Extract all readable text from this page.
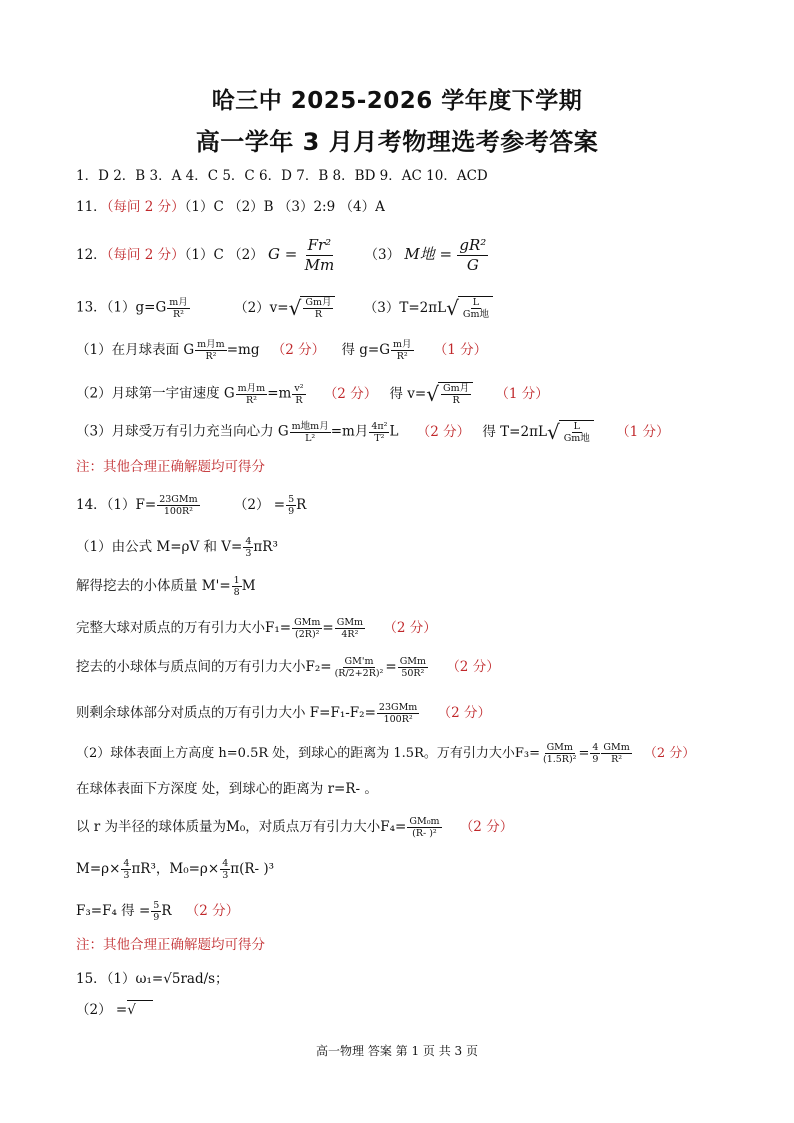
哈三中 2025-2026 学年度下学期
高一学年 3 月月考物理选考参考答案
1．D 2．B 3．A 4．C 5．C 6．D 7．B 8．BD 9．AC 10．ACD
11．（每问 2 分）（1）C （2）B （3）2:9 （4）A
12．（每问 2 分）（1）C （2） $G = \frac{\text{Fr²}}{Mm} (3)$ M地 = $\frac{\text{gR²}}{G}$
13．$(1)g=G \frac{\text{m月}}{\text{R²}}$	（2）v= √ $\frac{\text{Gm月}}{R} (3)T=2\pi L$ √ $\frac{L}{\text{Gm地}}$
（1）在月球表面 G $\frac{\text{m月m}}{\text{R²}} =mg$ （2 分） 得 $g=G \frac{\text{m月}}{\text{R²}} (1$ 分）
（2）月球第一宇宙速度 G $\frac{\text{m月m}}{\text{R²}} =m \frac{\text{v²}}{R} (2$ 分） 得 v= √ $\frac{\text{Gm月}}{R} (1$ 分）
（3）月球受万有引力充当向心力 G $\frac{\text{m地m月}}{\text{L²}} =m$月 $\frac{\text{4π²}}{\text{T²}}$ L （2 分） 得 T=2πL √ $\frac{L}{\text{Gm地}} (1$ 分）
注：其他合理正确解题均可得分
14．$(1)F= \frac{\text{23GMm}}{\text{100R²}}$	$(2) = \frac{5}{9}$ R
（1）由公式 M=ρV 和 $V= \frac{4}{3} \pi R^3$
解得挖去的小体质量 $M'= \frac{1}{8}$ M
完整大球对质点的万有引力大小$F_1= \frac{\text{GMm}}{\text{(2R)²}} = \frac{\text{GMm}}{\text{4R²}} (2$ 分）
挖去的小球体与质点间的万有引力大小$F_2= \frac{GM'm}{\text{(R/2+2R)²}} = \frac{\text{GMm}}{\text{50R²}} (2$ 分）
则剩余球体部分对质点的万有引力大小 $F=F_1-F_2= \frac{\text{23GMm}}{\text{100R²}} (2$ 分）
（2）球体表面上方高度 h=0.5R 处，到球心的距离为 1.5R。万有引力大小$F_3= \frac{\text{GMm}}{\text{(1.5R)²}} = \frac{4}{9} \frac{\text{GMm}}{\text{R²}} (2$ 分）
在球体表面下方深度 处，到球心的距离为 r=R- 。
以 r 为半径的球体质量为M₀，对质点万有引力大小$F_4= \frac{\text{GM₀m}}{\text{(R- )²}} (2$ 分）
$M=\rho\times \frac{4}{3} \pi R^3$，$M_0=\rho\times \frac{4}{3} \pi(R-$ )³
F₃=F₄ 得 = $\frac{5}{9}$ R （2 分）
注：其他合理正确解题均可得分
15．（1）ω₁=√5rad/s；
（2） =√
高一物理 答案 第 1 页 共 3 页
